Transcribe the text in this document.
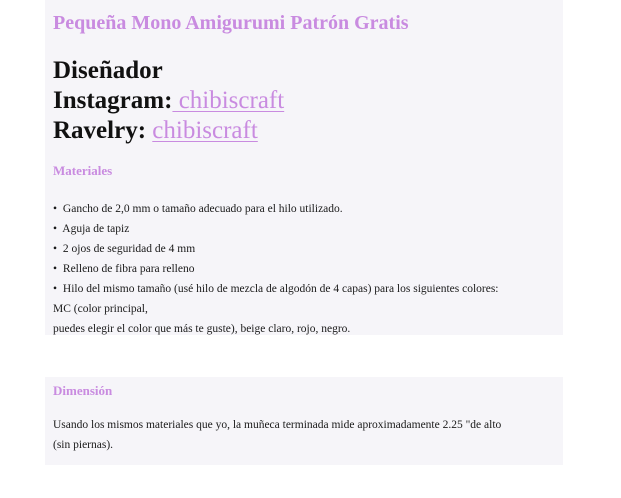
Pequeña Mono Amigurumi Patrón Gratis

Diseñador

Instagram: chibiscraft

Ravelry: chibiscraft

Materiales
• Gancho de 2,0 mm o tamaño adecuado para el hilo utilizado.
• Aguja de tapiz
• 2 ojos de seguridad de 4 mm
• Relleno de fibra para relleno
• Hilo del mismo tamaño (usé hilo de mezcla de algodón de 4 capas) para los siguientes colores:
MC (color principal,
puedes elegir el color que más te guste), beige claro, rojo, negro.
Dimensión

Usando los mismos materiales que yo, la muñeca terminada mide aproximadamente 2.25 "de alto
(sin piernas).
